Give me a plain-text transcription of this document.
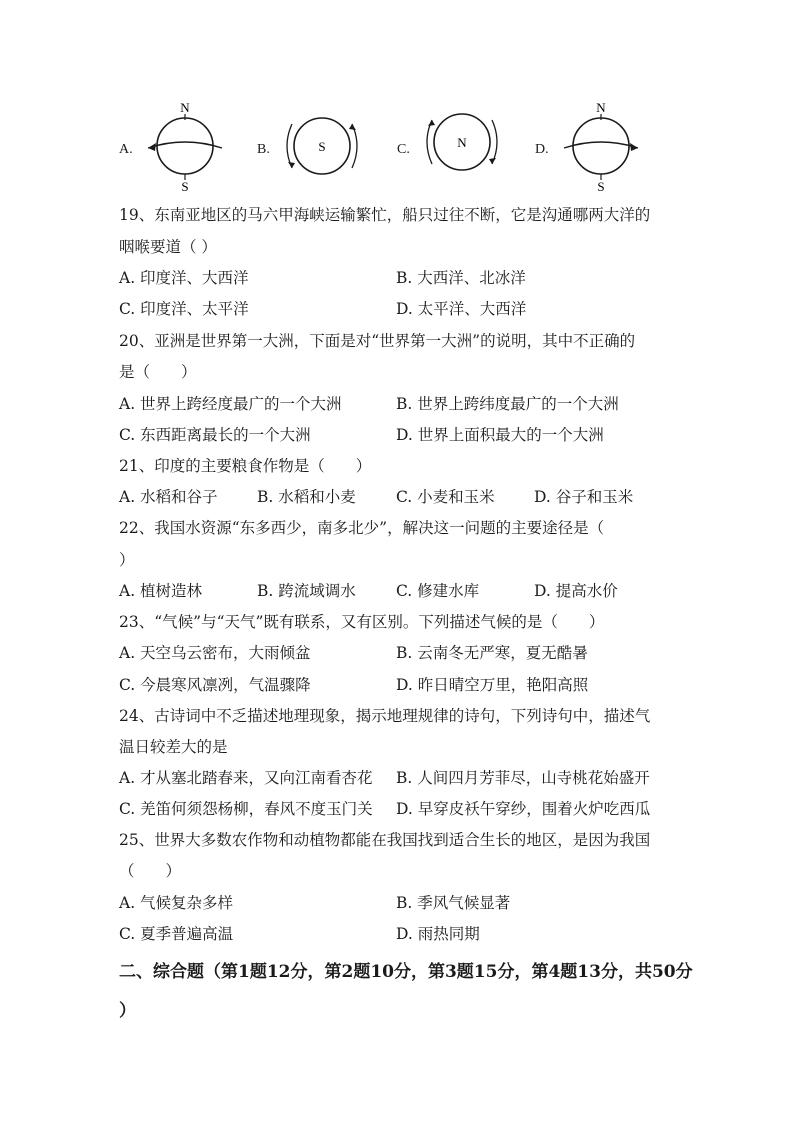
A.
N
S
B.	S	C.	N	D.
N
S
19、东南亚地区的马六甲海峡运输繁忙，船只过往不断，它是沟通哪两大洋的
咽喉要道（ ）
A. 印度洋、大西洋	B. 大西洋、北冰洋
C. 印度洋、太平洋	D. 太平洋、大西洋
20、亚洲是世界第一大洲，下面是对“世界第一大洲”的说明，其中不正确的
是（　　）
A. 世界上跨经度最广的一个大洲	B. 世界上跨纬度最广的一个大洲
C. 东西距离最长的一个大洲	D. 世界上面积最大的一个大洲
21、印度的主要粮食作物是（　　）
A. 水稻和谷子	B. 水稻和小麦	C. 小麦和玉米	D. 谷子和玉米
22、我国水资源“东多西少，南多北少”，解决这一问题的主要途径是（
）
A. 植树造林	B. 跨流域调水	C. 修建水库	D. 提高水价
23、“气候”与“天气”既有联系，又有区别。下列描述气候的是（　　）
A. 天空乌云密布，大雨倾盆	B. 云南冬无严寒，夏无酷暑
C. 今晨寒风凛冽，气温骤降	D. 昨日晴空万里，艳阳高照
24、古诗词中不乏描述地理现象，揭示地理规律的诗句，下列诗句中，描述气
温日较差大的是
A. 才从塞北踏春来，又向江南看杏花 B. 人间四月芳菲尽，山寺桃花始盛开
C. 羌笛何须怨杨柳，春风不度玉门关 D. 早穿皮袄午穿纱，围着火炉吃西瓜
25、世界大多数农作物和动植物都能在我国找到适合生长的地区，是因为我国
（　　）
A. 气候复杂多样	B. 季风气候显著
C. 夏季普遍高温	D. 雨热同期
二、综合题（第1题12分，第2题10分，第3题15分，第4题13分，共50分
）
